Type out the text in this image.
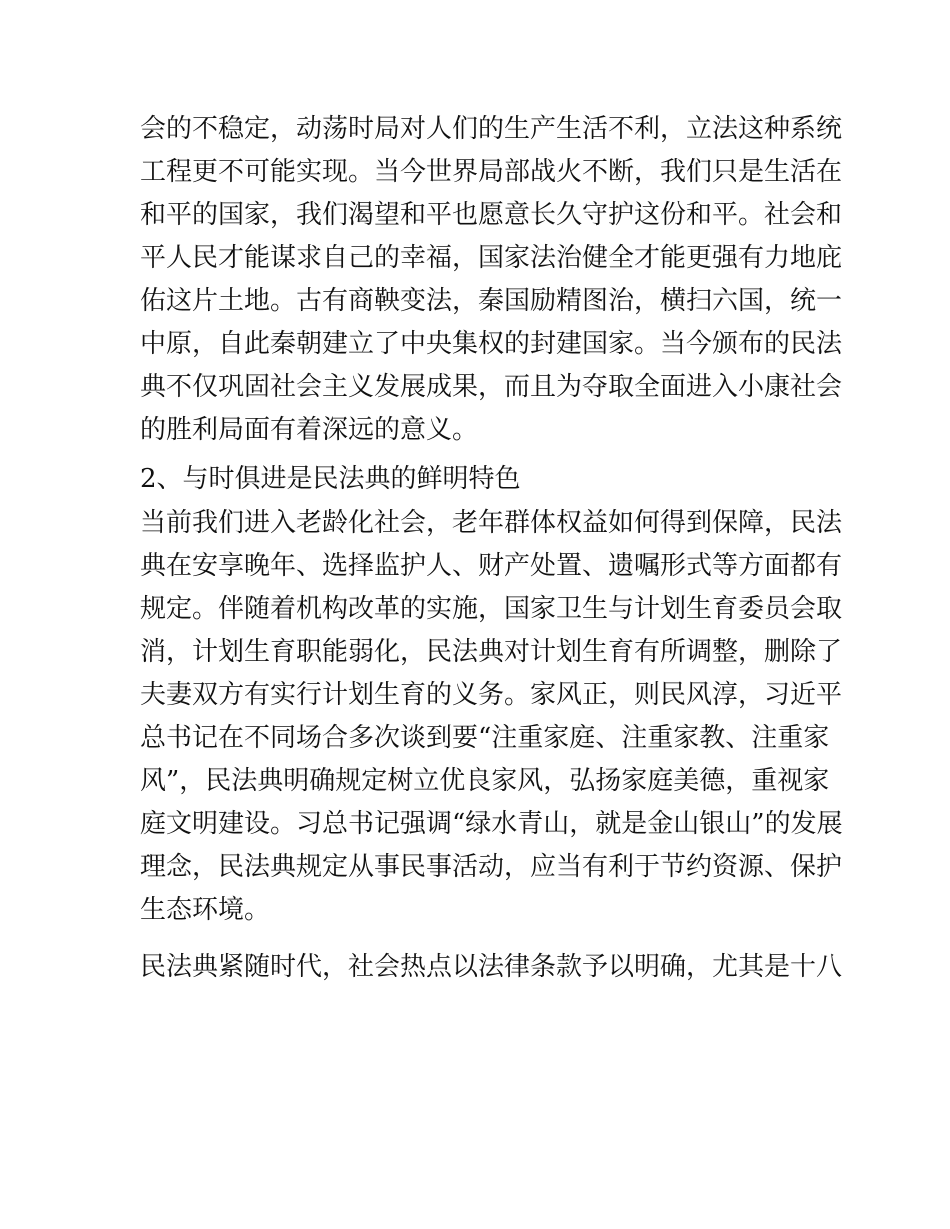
会的不稳定，动荡时局对人们的生产生活不利，立法这种系统
工程更不可能实现。当今世界局部战火不断，我们只是生活在
和平的国家，我们渴望和平也愿意长久守护这份和平。社会和
平人民才能谋求自己的幸福，国家法治健全才能更强有力地庇
佑这片土地。古有商鞅变法，秦国励精图治，横扫六国，统一
中原，自此秦朝建立了中央集权的封建国家。当今颁布的民法
典不仅巩固社会主义发展成果，而且为夺取全面进入小康社会
的胜利局面有着深远的意义。
2、与时俱进是民法典的鲜明特色
当前我们进入老龄化社会，老年群体权益如何得到保障，民法
典在安享晚年、选择监护人、财产处置、遗嘱形式等方面都有
规定。伴随着机构改革的实施，国家卫生与计划生育委员会取
消，计划生育职能弱化，民法典对计划生育有所调整，删除了
夫妻双方有实行计划生育的义务。家风正，则民风淳，习近平
总书记在不同场合多次谈到要“注重家庭、注重家教、注重家
风”，民法典明确规定树立优良家风，弘扬家庭美德，重视家
庭文明建设。习总书记强调“绿水青山，就是金山银山”的发展
理念，民法典规定从事民事活动，应当有利于节约资源、保护
生态环境。
民法典紧随时代，社会热点以法律条款予以明确，尤其是十八
